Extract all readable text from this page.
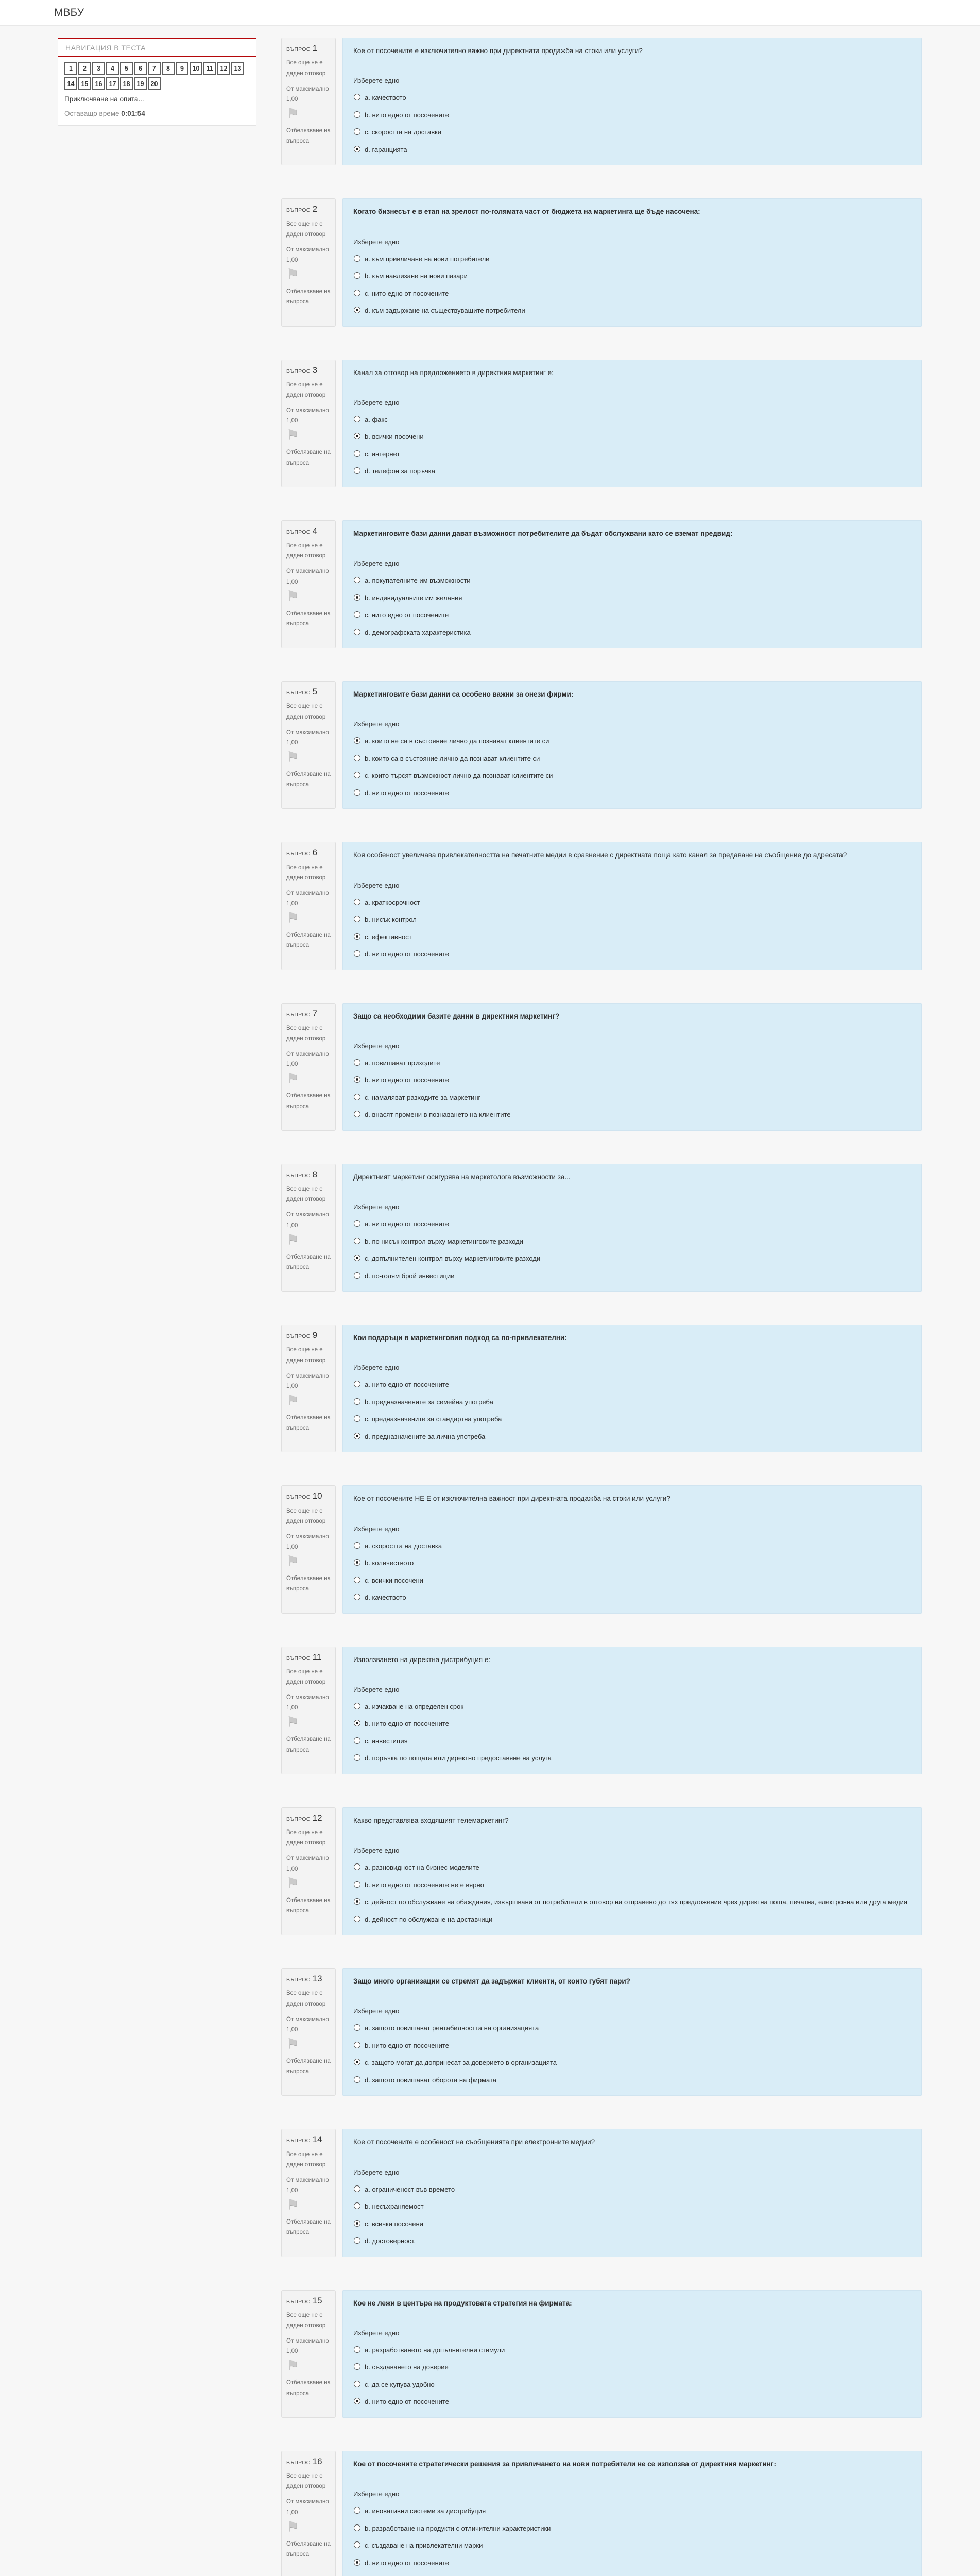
МВБУ
НАВИГАЦИЯ В ТЕСТА
1	2	3	4	5	6	7	8	9	10	11	12	13
14	15	16	17	18	19	20
Приключване на опита...
Оставащо време 0:01:54
ВЪПРОС 1
Все още не е даден отговор
От максимално 1,00
⚑
Отбелязване на въпроса
Кое от посочените е изключително важно при директната продажба на стоки или услуги?
Изберете едно
a. качеството
b. нито едно от посочените
c. скоростта на доставка
d. гаранцията
ВЪПРОС 2
Все още не е даден отговор
От максимално 1,00
⚑
Отбелязване на въпроса
Когато бизнесът е в етап на зрелост по-голямата част от бюджета на маркетинга ще бъде насочена:
Изберете едно
a. към привличане на нови потребители
b. към навлизане на нови пазари
c. нито едно от посочените
d. към задържане на съществуващите потребители
ВЪПРОС 3
Все още не е даден отговор
От максимално 1,00
⚑
Отбелязване на въпроса
Канал за отговор на предложението в директния маркетинг е:
Изберете едно
a. факс
b. всички посочени
c. интернет
d. телефон за поръчка
ВЪПРОС 4
Все още не е даден отговор
От максимално 1,00
⚑
Отбелязване на въпроса
Маркетинговите бази данни дават възможност потребителите да бъдат обслужвани като се вземат предвид:
Изберете едно
a. покупателните им възможности
b. индивидуалните им желания
c. нито едно от посочените
d. демографската характеристика
ВЪПРОС 5
Все още не е даден отговор
От максимално 1,00
⚑
Отбелязване на въпроса
Маркетинговите бази данни са особено важни за онези фирми:
Изберете едно
a. които не са в състояние лично да познават клиентите си
b. които са в състояние лично да познават клиентите си
c. които търсят възможност лично да познават клиентите си
d. нито едно от посочените
ВЪПРОС 6
Все още не е даден отговор
От максимално 1,00
⚑
Отбелязване на въпроса
Коя особеност увеличава привлекателността на печатните медии в сравнение с директната поща като канал за предаване на съобщение до адресата?
Изберете едно
a. краткосрочност
b. нисък контрол
c. ефективност
d. нито едно от посочените
ВЪПРОС 7
Все още не е даден отговор
От максимално 1,00
⚑
Отбелязване на въпроса
Защо са необходими базите данни в директния маркетинг?
Изберете едно
a. повишават приходите
b. нито едно от посочените
c. намаляват разходите за маркетинг
d. внасят промени в познаването на клиентите
ВЪПРОС 8
Все още не е даден отговор
От максимално 1,00
⚑
Отбелязване на въпроса
Директният маркетинг осигурява на маркетолога възможности за...
Изберете едно
a. нито едно от посочените
b. по нисък контрол върху маркетинговите разходи
c. допълнителен контрол върху маркетинговите разходи
d. по-голям брой инвестиции
ВЪПРОС 9
Все още не е даден отговор
От максимално 1,00
⚑
Отбелязване на въпроса
Кои подаръци в маркетинговия подход са по-привлекателни:
Изберете едно
a. нито едно от посочените
b. предназначените за семейна употреба
c. предназначените за стандартна употреба
d. предназначените за лична употреба
ВЪПРОС 10
Все още не е даден отговор
От максимално 1,00
⚑
Отбелязване на въпроса
Кое от посочените НЕ Е от изключителна важност при директната продажба на стоки или услуги?
Изберете едно
a. скоростта на доставка
b. количеството
c. всички посочени
d. качеството
ВЪПРОС 11
Все още не е даден отговор
От максимално 1,00
⚑
Отбелязване на въпроса
Използването на директна дистрибуция е:
Изберете едно
a. изчакване на определен срок
b. нито едно от посочените
c. инвестиция
d. поръчка по пощата или директно предоставяне на услуга
ВЪПРОС 12
Все още не е даден отговор
От максимално 1,00
⚑
Отбелязване на въпроса
Какво представлява входящият телемаркетинг?
Изберете едно
a. разновидност на бизнес моделите
b. нито едно от посочените не е вярно
c. дейност по обслужване на обаждания, извършвани от потребители в отговор на отправено до тях предложение чрез директна поща, печатна, електронна или друга медия
d. дейност по обслужване на доставчици
ВЪПРОС 13
Все още не е даден отговор
От максимално 1,00
⚑
Отбелязване на въпроса
Защо много организации се стремят да задържат клиенти, от които губят пари?
Изберете едно
a. защото повишават рентабилността на организацията
b. нито едно от посочените
c. защото могат да допринесат за доверието в организацията
d. защото повишават оборота на фирмата
ВЪПРОС 14
Все още не е даден отговор
От максимално 1,00
⚑
Отбелязване на въпроса
Кое от посочените е особеност на съобщенията при електронните медии?
Изберете едно
a. ограниченост във времето
b. несъхраняемост
c. всички посочени
d. достоверност.
ВЪПРОС 15
Все още не е даден отговор
От максимално 1,00
⚑
Отбелязване на въпроса
Кое не лежи в центъра на продуктовата стратегия на фирмата:
Изберете едно
a. разработването на допълнителни стимули
b. създаването на доверие
c. да се купува удобно
d. нито едно от посочените
ВЪПРОС 16
Все още не е даден отговор
От максимално 1,00
⚑
Отбелязване на въпроса
Кое от посочените стратегически решения за привличането на нови потребители не се използва от директния маркетинг:
Изберете едно
a. иновативни системи за дистрибуция
b. разработване на продукти с отличителни характеристики
c. създаване на привлекателни марки
d. нито едно от посочените
